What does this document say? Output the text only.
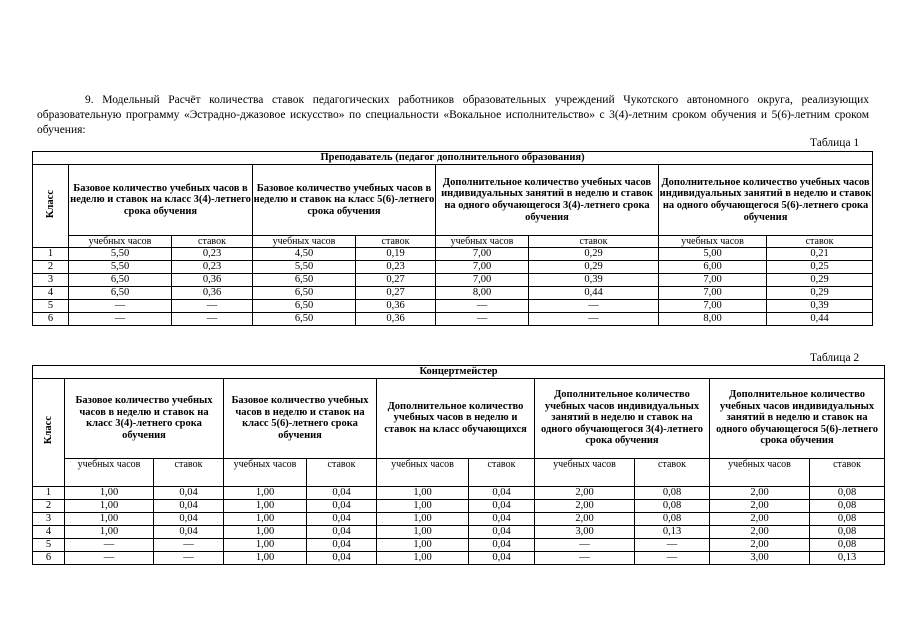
9. Модельный Расчёт количества ставок педагогических работников образовательных учреждений Чукотского автономного округа, реализующих образовательную программу «Эстрадно-джазовое искусство» по специальности «Вокальное исполнительство» с 3(4)-летним сроком обучения и 5(6)-летним сроком обучения:

Таблица 1
Преподаватель (педагог дополнительного образования)								
Класс	Базовое количество учебных часов в неделю и ставок на класс 3(4)-летнего срока обучения		Базовое количество учебных часов в неделю и ставок на класс 5(6)-летнего срока обучения		Дополнительное количество учебных часов индивидуальных занятий в неделю и ставок на одного обучающегося 3(4)-летнего срока обучения		Дополнительное количество учебных часов индивидуальных занятий в неделю и ставок на одного обучающегося 5(6)-летнего срока обучения	
	учебных часов	ставок	учебных часов	ставок	учебных часов	ставок	учебных часов	ставок
1	5,50	0,23	4,50	0,19	7,00	0,29	5,00	0,21
2	5,50	0,23	5,50	0,23	7,00	0,29	6,00	0,25
3	6,50	0,36	6,50	0,27	7,00	0,39	7,00	0,29
4	6,50	0,36	6,50	0,27	8,00	0,44	7,00	0,29
5	—	—	6,50	0,36	—	—	7,00	0,39
6	—	—	6,50	0,36	—	—	8,00	0,44
Таблица 2
Концертмейстер										
Класс	Базовое количество учебных часов в неделю и ставок на класс 3(4)-летнего срока обучения		Базовое количество учебных часов в неделю и ставок на класс 5(6)-летнего срока обучения		Дополнительное количество учебных часов в неделю и ставок на класс обучающихся		Дополнительное количество учебных часов индивидуальных занятий в неделю и ставок на одного обучающегося 3(4)-летнего срока обучения		Дополнительное количество учебных часов индивидуальных занятий в неделю и ставок на одного обучающегося 5(6)-летнего срока обучения	
	учебных часов	ставок	учебных часов	ставок	учебных часов	ставок	учебных часов	ставок	учебных часов	ставок
1	1,00	0,04	1,00	0,04	1,00	0,04	2,00	0,08	2,00	0,08
2	1,00	0,04	1,00	0,04	1,00	0,04	2,00	0,08	2,00	0,08
3	1,00	0,04	1,00	0,04	1,00	0,04	2,00	0,08	2,00	0,08
4	1,00	0,04	1,00	0,04	1,00	0,04	3,00	0,13	2,00	0,08
5	—	—	1,00	0,04	1,00	0,04	—	—	2,00	0,08
6	—	—	1,00	0,04	1,00	0,04	—	—	3,00	0,13
